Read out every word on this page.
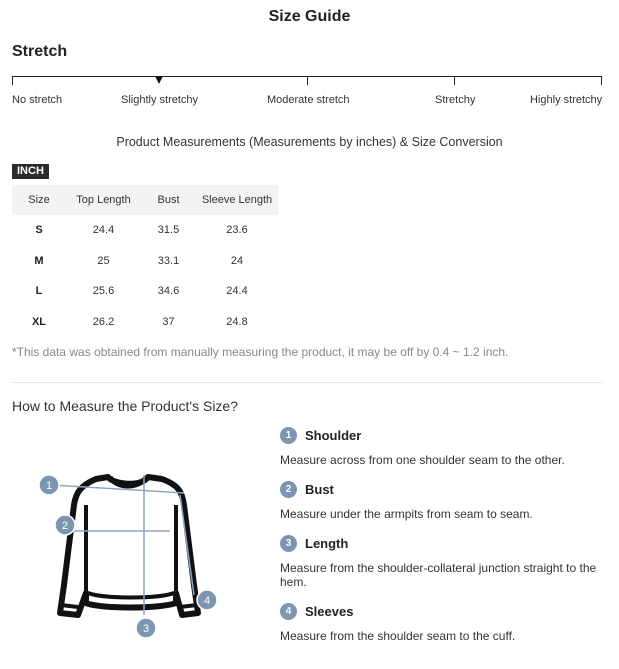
Size Guide
Stretch
No stretch	Slightly stretchy	Moderate stretch	Stretchy	Highly stretchy
Product Measurements (Measurements by inches) & Size Conversion
INCH
Size	Top Length	Bust	Sleeve Length
S	24.4	31.5	23.6
M	25	33.1	24
L	25.6	34.6	24.4
XL	26.2	37	24.8
*This data was obtained from manually measuring the product, it may be off by 0.4 ~ 1.2 inch.
How to Measure the Product's Size?
1
2
3
4
1 Shoulder
Measure across from one shoulder seam to the other.
2 Bust
Measure under the armpits from seam to seam.
3 Length
Measure from the shoulder-collateral junction straight to the hem.
4 Sleeves
Measure from the shoulder seam to the cuff.
